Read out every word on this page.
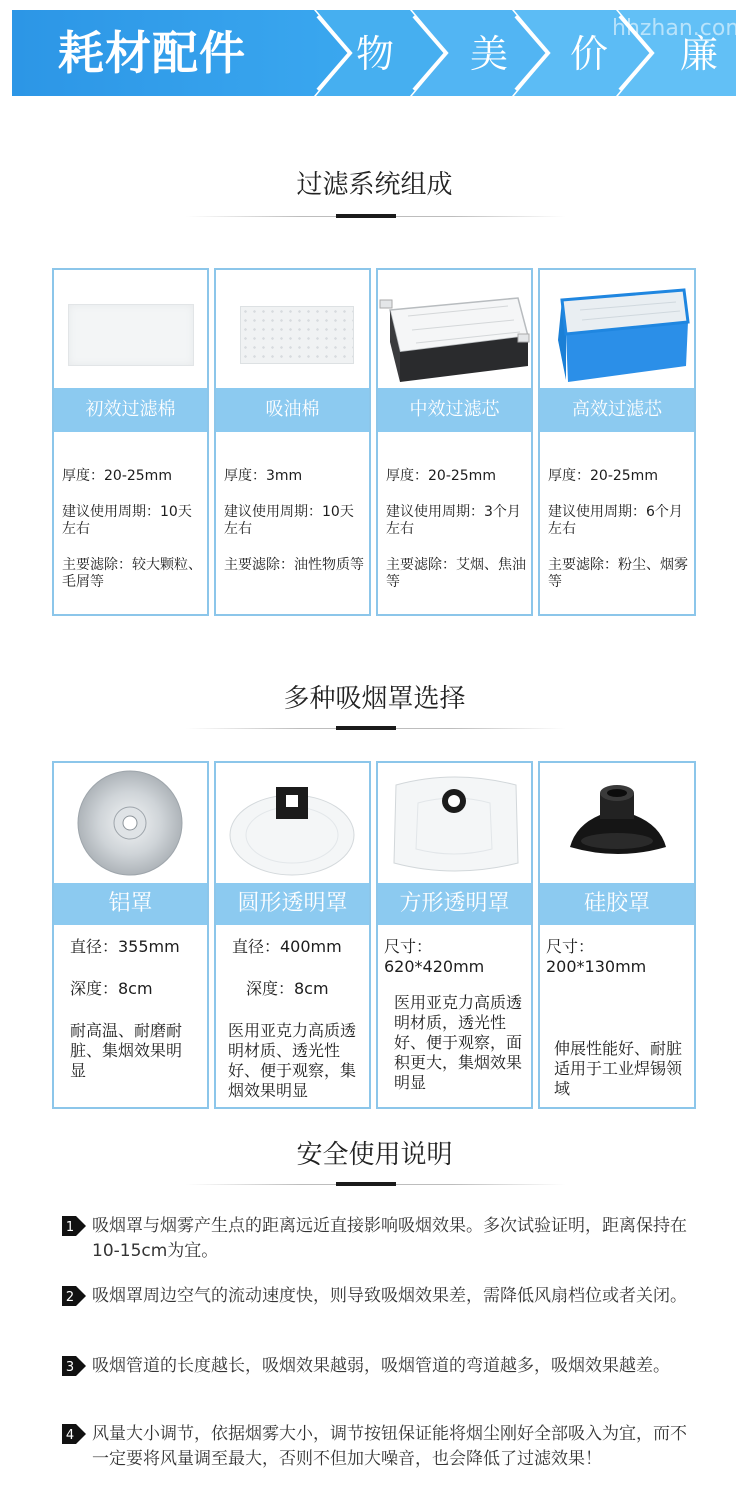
耗材配件	物 美 价 廉
hhzhan.com
过滤系统组成
初效过滤棉

厚度：20-25mm

建议使用周期：10天左右

主要滤除：较大颗粒、毛屑等

吸油棉

厚度：3mm

建议使用周期：10天左右

主要滤除：油性物质等

中效过滤芯

厚度：20-25mm

建议使用周期：3个月左右

主要滤除：艾烟、焦油等

高效过滤芯

厚度：20-25mm

建议使用周期：6个月左右

主要滤除：粉尘、烟雾等

多种吸烟罩选择
铝罩

直径：355mm

深度：8cm

耐高温、耐磨耐脏、集烟效果明显

圆形透明罩

直径：400mm

深度：8cm

医用亚克力高质透明材质、透光性好、便于观察，集烟效果明显

方形透明罩

尺寸：620*420mm

医用亚克力高质透明材质，透光性好、便于观察，面积更大，集烟效果明显

硅胶罩

尺寸：200*130mm

伸展性能好、耐脏适用于工业焊锡领域

安全使用说明
1 吸烟罩与烟雾产生点的距离远近直接影响吸烟效果。多次试验证明，距离保持在10-15cm为宜。
2 吸烟罩周边空气的流动速度快，则导致吸烟效果差，需降低风扇档位或者关闭。
3 吸烟管道的长度越长，吸烟效果越弱，吸烟管道的弯道越多，吸烟效果越差。
4 风量大小调节，依据烟雾大小，调节按钮保证能将烟尘刚好全部吸入为宜，而不一定要将风量调至最大，否则不但加大噪音，也会降低了过滤效果！
